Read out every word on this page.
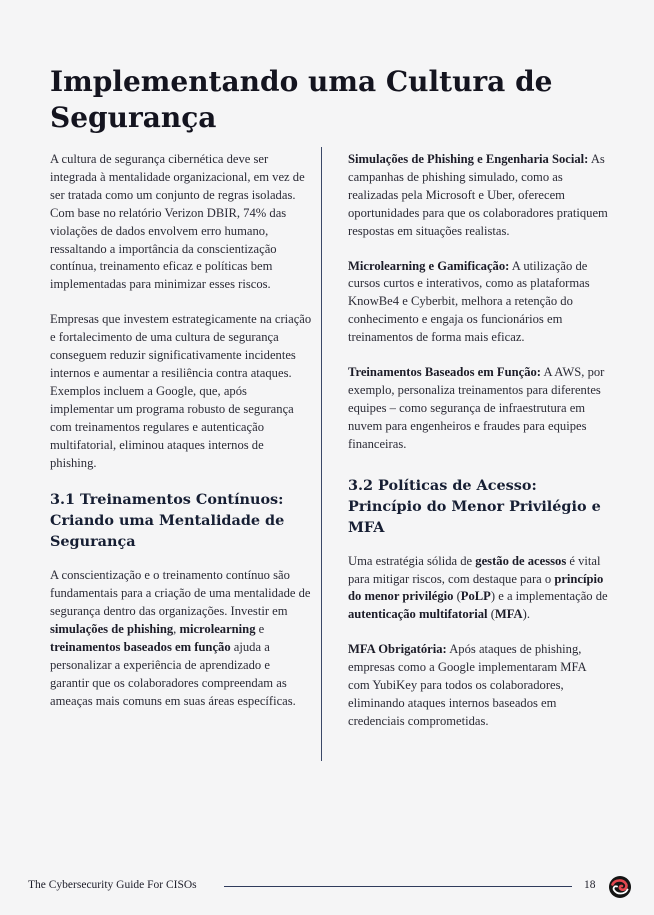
Implementando uma Cultura de Segurança

A cultura de segurança cibernética deve ser integrada à mentalidade organizacional, em vez de ser tratada como um conjunto de regras isoladas. Com base no relatório Verizon DBIR, 74% das violações de dados envolvem erro humano, ressaltando a importância da conscientização contínua, treinamento eficaz e políticas bem implementadas para minimizar esses riscos.

Empresas que investem estrategicamente na criação e fortalecimento de uma cultura de segurança conseguem reduzir significativamente incidentes internos e aumentar a resiliência contra ataques. Exemplos incluem a Google, que, após implementar um programa robusto de segurança com treinamentos regulares e autenticação multifatorial, eliminou ataques internos de phishing.

3.1 Treinamentos Contínuos: Criando uma Mentalidade de Segurança

A conscientização e o treinamento contínuo são fundamentais para a criação de uma mentalidade de segurança dentro das organizações. Investir em simulações de phishing, microlearning e treinamentos baseados em função ajuda a personalizar a experiência de aprendizado e garantir que os colaboradores compreendam as ameaças mais comuns em suas áreas específicas.

Simulações de Phishing e Engenharia Social: As campanhas de phishing simulado, como as realizadas pela Microsoft e Uber, oferecem oportunidades para que os colaboradores pratiquem respostas em situações realistas.

Microlearning e Gamificação: A utilização de cursos curtos e interativos, como as plataformas KnowBe4 e Cyberbit, melhora a retenção do conhecimento e engaja os funcionários em treinamentos de forma mais eficaz.

Treinamentos Baseados em Função: A AWS, por exemplo, personaliza treinamentos para diferentes equipes – como segurança de infraestrutura em nuvem para engenheiros e fraudes para equipes financeiras.

3.2 Políticas de Acesso: Princípio do Menor Privilégio e MFA

Uma estratégia sólida de gestão de acessos é vital para mitigar riscos, com destaque para o princípio do menor privilégio (PoLP) e a implementação de autenticação multifatorial (MFA).

MFA Obrigatória: Após ataques de phishing, empresas como a Google implementaram MFA com YubiKey para todos os colaboradores, eliminando ataques internos baseados em credenciais comprometidas.

The Cybersecurity Guide For CISOs	18
